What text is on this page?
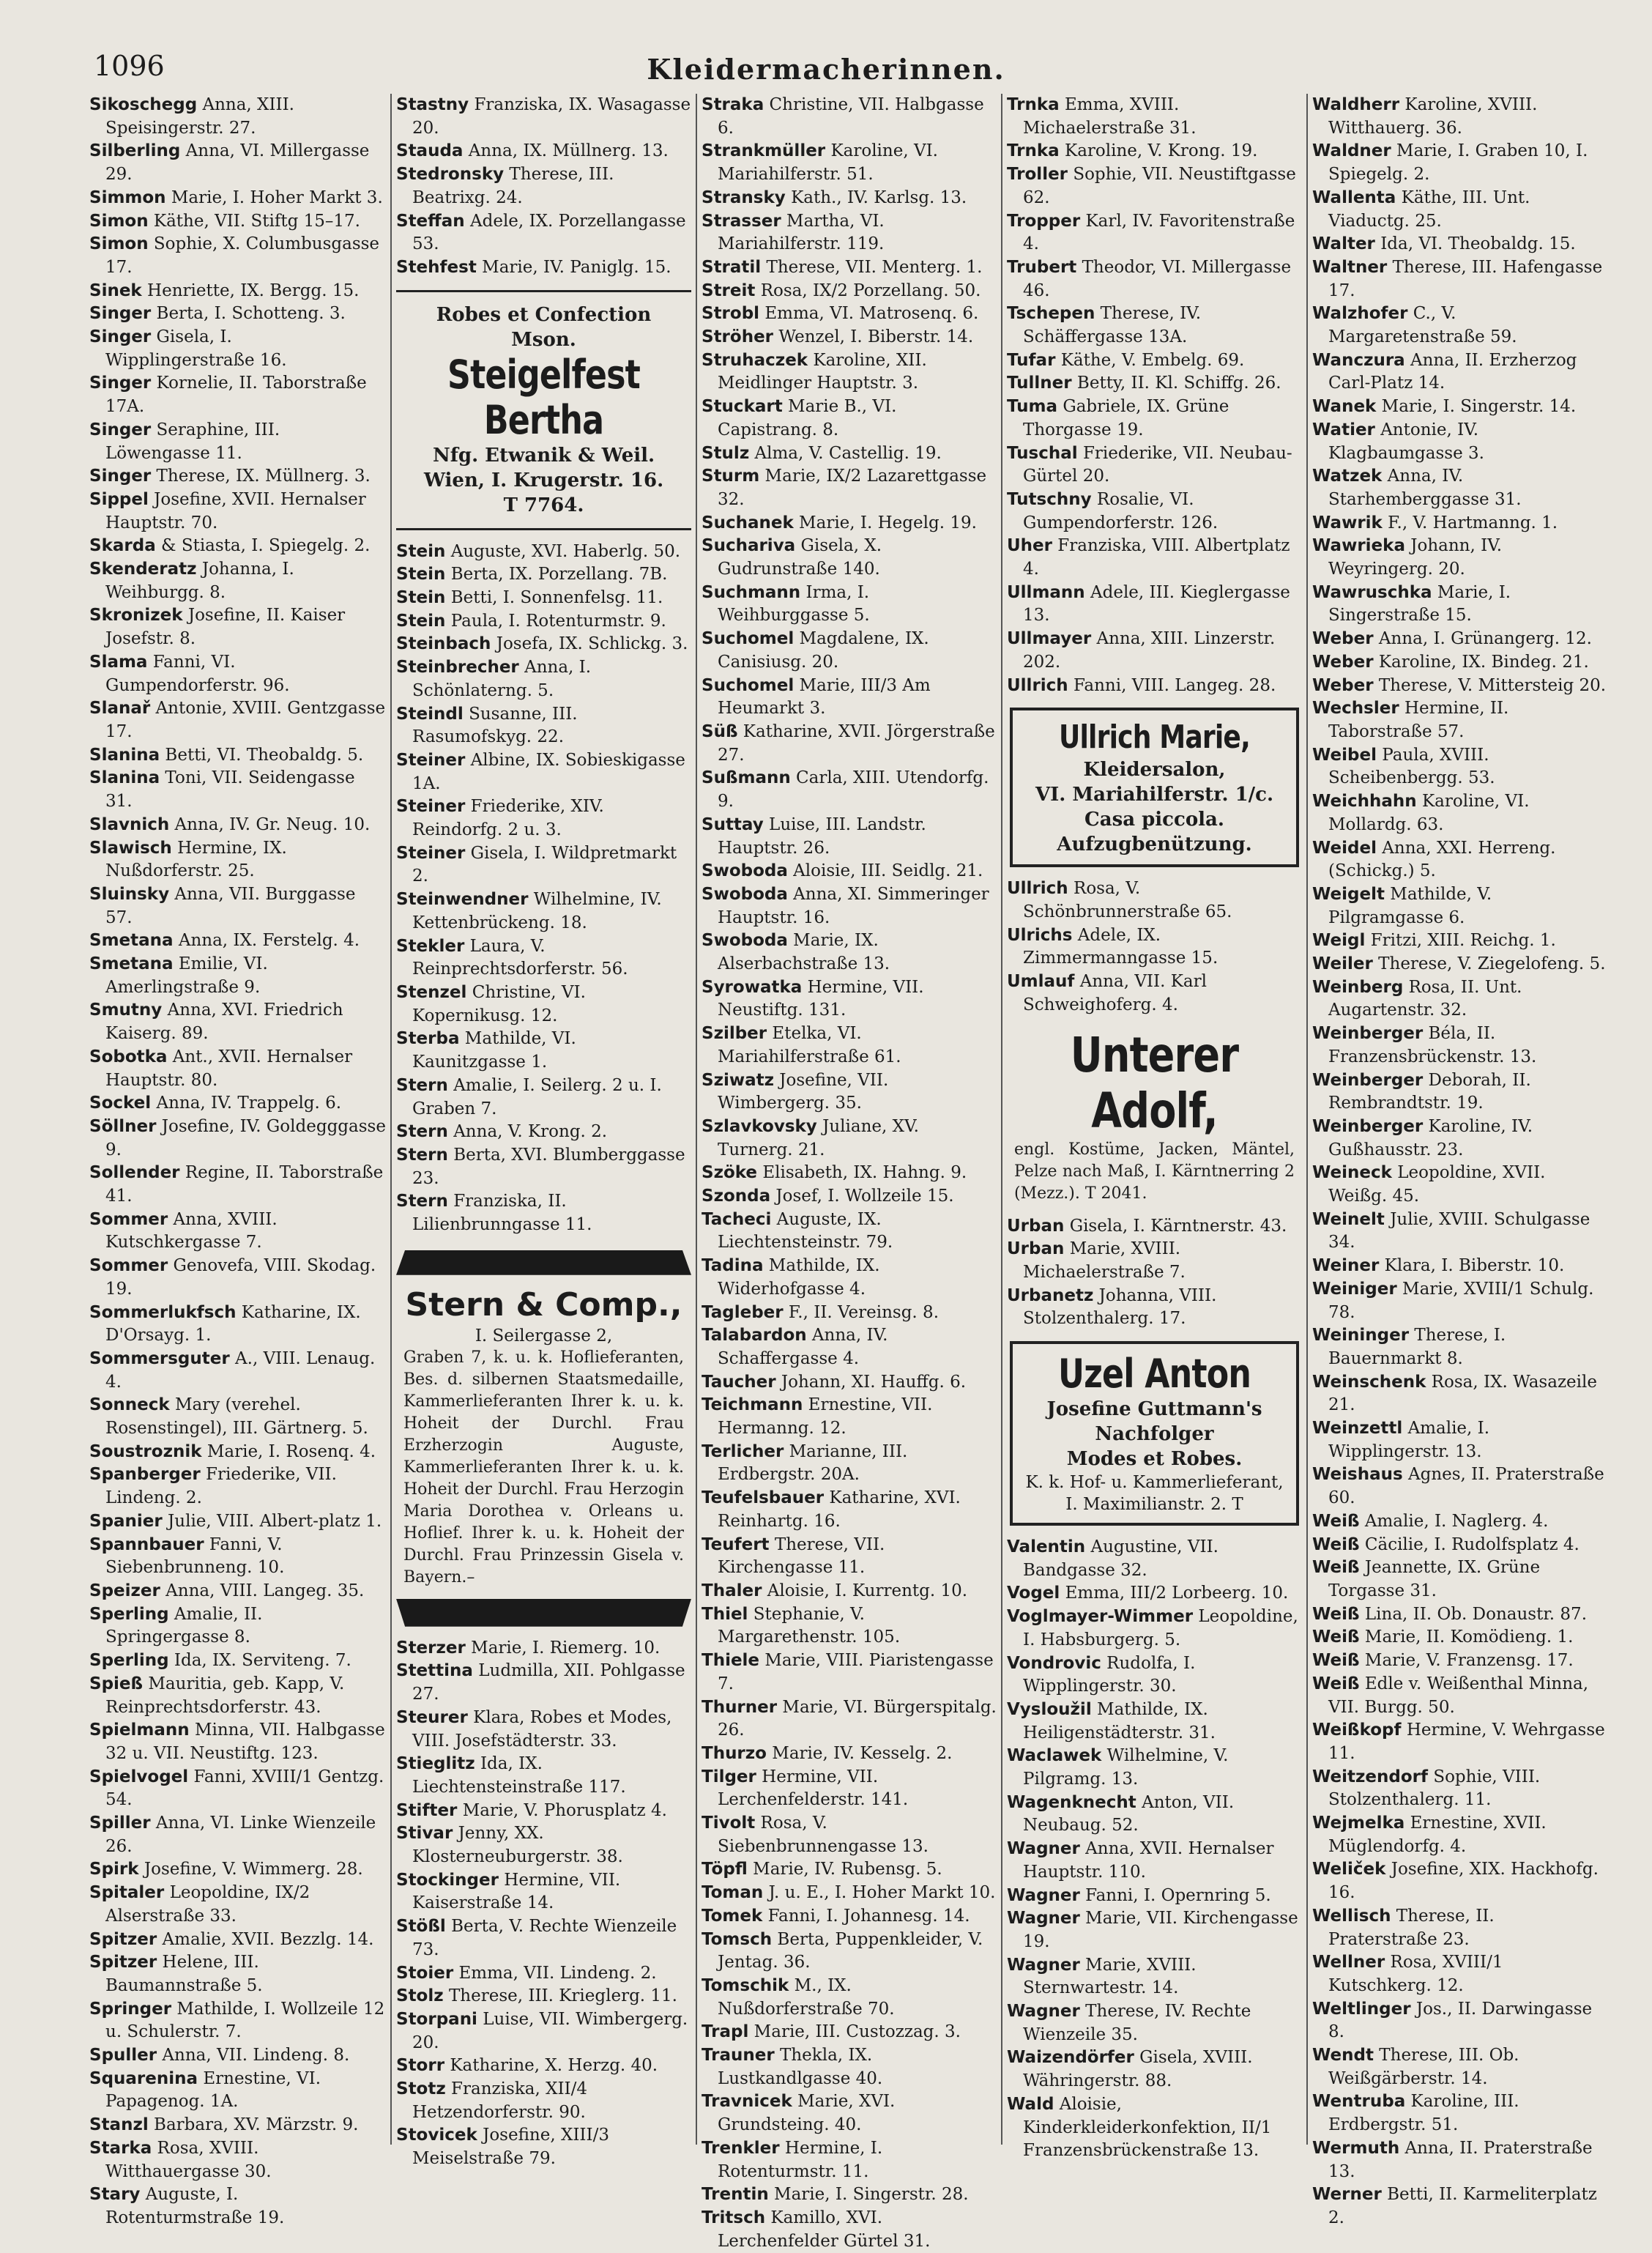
1096	Kleidermacherinnen.

Sikoschegg Anna, XIII. Speisingerstr. 27.

Silberling Anna, VI. Millergasse 29.

Simmon Marie, I. Hoher Markt 3.

Simon Käthe, VII. Stiftg 15–17.

Simon Sophie, X. Columbusgasse 17.

Sinek Henriette, IX. Bergg. 15.

Singer Berta, I. Schotteng. 3.

Singer Gisela, I. Wipplingerstraße 16.

Singer Kornelie, II. Taborstraße 17A.

Singer Seraphine, III. Löwengasse 11.

Singer Therese, IX. Müllnerg. 3.

Sippel Josefine, XVII. Hernalser Hauptstr. 70.

Skarda & Stiasta, I. Spiegelg. 2.

Skenderatz Johanna, I. Weihburgg. 8.

Skronizek Josefine, II. Kaiser Josefstr. 8.

Slama Fanni, VI. Gumpendorferstr. 96.

Slanař Antonie, XVIII. Gentzgasse 17.

Slanina Betti, VI. Theobaldg. 5.

Slanina Toni, VII. Seidengasse 31.

Slavnich Anna, IV. Gr. Neug. 10.

Slawisch Hermine, IX. Nußdorferstr. 25.

Sluinsky Anna, VII. Burggasse 57.

Smetana Anna, IX. Ferstelg. 4.

Smetana Emilie, VI. Amerlingstraße 9.

Smutny Anna, XVI. Friedrich Kaiserg. 89.

Sobotka Ant., XVII. Hernalser Hauptstr. 80.

Sockel Anna, IV. Trappelg. 6.

Söllner Josefine, IV. Goldegggasse 9.

Sollender Regine, II. Taborstraße 41.

Sommer Anna, XVIII. Kutschkergasse 7.

Sommer Genovefa, VIII. Skodag. 19.

Sommerlukfsch Katharine, IX. D'Orsayg. 1.

Sommersguter A., VIII. Lenaug. 4.

Sonneck Mary (verehel. Rosenstingel), III. Gärtnerg. 5.

Soustroznik Marie, I. Rosenq. 4.

Spanberger Friederike, VII. Lindeng. 2.

Spanier Julie, VIII. Albert-platz 1.

Spannbauer Fanni, V. Siebenbrunneng. 10.

Speizer Anna, VIII. Langeg. 35.

Sperling Amalie, II. Springergasse 8.

Sperling Ida, IX. Serviteng. 7.

Spieß Mauritia, geb. Kapp, V. Reinprechtsdorferstr. 43.

Spielmann Minna, VII. Halbgasse 32 u. VII. Neustiftg. 123.

Spielvogel Fanni, XVIII/1 Gentzg. 54.

Spiller Anna, VI. Linke Wienzeile 26.

Spirk Josefine, V. Wimmerg. 28.

Spitaler Leopoldine, IX/2 Alserstraße 33.

Spitzer Amalie, XVII. Bezzlg. 14.

Spitzer Helene, III. Baumannstraße 5.

Springer Mathilde, I. Wollzeile 12 u. Schulerstr. 7.

Spuller Anna, VII. Lindeng. 8.

Squarenina Ernestine, VI. Papagenog. 1A.

Stanzl Barbara, XV. Märzstr. 9.

Starka Rosa, XVIII. Witthauergasse 30.

Stary Auguste, I. Rotenturmstraße 19.

Stastny Franziska, IX. Wasagasse 20.

Stauda Anna, IX. Müllnerg. 13.

Stedronsky Therese, III. Beatrixg. 24.

Steffan Adele, IX. Porzellangasse 53.

Stehfest Marie, IV. Paniglg. 15.

Robes et Confection
Mson.
Steigelfest Bertha
Nfg. Etwanik & Weil.
Wien, I. Krugerstr. 16.
T 7764.

Stein Auguste, XVI. Haberlg. 50.

Stein Berta, IX. Porzellang. 7B.

Stein Betti, I. Sonnenfelsg. 11.

Stein Paula, I. Rotenturmstr. 9.

Steinbach Josefa, IX. Schlickg. 3.

Steinbrecher Anna, I. Schönlaterng. 5.

Steindl Susanne, III. Rasumofskyg. 22.

Steiner Albine, IX. Sobieskigasse 1A.

Steiner Friederike, XIV. Reindorfg. 2 u. 3.

Steiner Gisela, I. Wildpretmarkt 2.

Steinwendner Wilhelmine, IV. Kettenbrückeng. 18.

Stekler Laura, V. Reinprechtsdorferstr. 56.

Stenzel Christine, VI. Kopernikusg. 12.

Sterba Mathilde, VI. Kaunitzgasse 1.

Stern Amalie, I. Seilerg. 2 u. I. Graben 7.

Stern Anna, V. Krong. 2.

Stern Berta, XVI. Blumberggasse 23.

Stern Franziska, II. Lilienbrunngasse 11.

Stern & Comp.,
I. Seilergasse 2,
Graben 7, k. u. k. Hoflieferanten, Bes. d. silbernen Staatsmedaille, Kammerlieferanten Ihrer k. u. k. Hoheit der Durchl. Frau Erzherzogin Auguste, Kammerlieferanten Ihrer k. u. k. Hoheit der Durchl. Frau Herzogin Maria Dorothea v. Orleans u. Hoflief. Ihrer k. u. k. Hoheit der Durchl. Frau Prinzessin Gisela v. Bayern.–

Sterzer Marie, I. Riemerg. 10.

Stettina Ludmilla, XII. Pohlgasse 27.

Steurer Klara, Robes et Modes, VIII. Josefstädterstr. 33.

Stieglitz Ida, IX. Liechtensteinstraße 117.

Stifter Marie, V. Phorusplatz 4.

Stivar Jenny, XX. Klosterneuburgerstr. 38.

Stockinger Hermine, VII. Kaiserstraße 14.

Stößl Berta, V. Rechte Wienzeile 73.

Stoier Emma, VII. Lindeng. 2.

Stolz Therese, III. Krieglerg. 11.

Storpani Luise, VII. Wimbergerg. 20.

Storr Katharine, X. Herzg. 40.

Stotz Franziska, XII/4 Hetzendorferstr. 90.

Stovicek Josefine, XIII/3 Meiselstraße 79.

Straka Christine, VII. Halbgasse 6.

Strankmüller Karoline, VI. Mariahilferstr. 51.

Stransky Kath., IV. Karlsg. 13.

Strasser Martha, VI. Mariahilferstr. 119.

Stratil Therese, VII. Menterg. 1.

Streit Rosa, IX/2 Porzellang. 50.

Strobl Emma, VI. Matrosenq. 6.

Ströher Wenzel, I. Biberstr. 14.

Struhaczek Karoline, XII. Meidlinger Hauptstr. 3.

Stuckart Marie B., VI. Capistrang. 8.

Stulz Alma, V. Castellig. 19.

Sturm Marie, IX/2 Lazarettgasse 32.

Suchanek Marie, I. Hegelg. 19.

Suchariva Gisela, X. Gudrunstraße 140.

Suchmann Irma, I. Weihburggasse 5.

Suchomel Magdalene, IX. Canisiusg. 20.

Suchomel Marie, III/3 Am Heumarkt 3.

Süß Katharine, XVII. Jörgerstraße 27.

Sußmann Carla, XIII. Utendorfg. 9.

Suttay Luise, III. Landstr. Hauptstr. 26.

Swoboda Aloisie, III. Seidlg. 21.

Swoboda Anna, XI. Simmeringer Hauptstr. 16.

Swoboda Marie, IX. Alserbachstraße 13.

Syrowatka Hermine, VII. Neustiftg. 131.

Szilber Etelka, VI. Mariahilferstraße 61.

Sziwatz Josefine, VII. Wimbergerg. 35.

Szlavkovsky Juliane, XV. Turnerg. 21.

Szöke Elisabeth, IX. Hahng. 9.

Szonda Josef, I. Wollzeile 15.

Tacheci Auguste, IX. Liechtensteinstr. 79.

Tadina Mathilde, IX. Widerhofgasse 4.

Tagleber F., II. Vereinsg. 8.

Talabardon Anna, IV. Schaffergasse 4.

Taucher Johann, XI. Hauffg. 6.

Teichmann Ernestine, VII. Hermanng. 12.

Terlicher Marianne, III. Erdbergstr. 20A.

Teufelsbauer Katharine, XVI. Reinhartg. 16.

Teufert Therese, VII. Kirchengasse 11.

Thaler Aloisie, I. Kurrentg. 10.

Thiel Stephanie, V. Margarethenstr. 105.

Thiele Marie, VIII. Piaristengasse 7.

Thurner Marie, VI. Bürgerspitalg. 26.

Thurzo Marie, IV. Kesselg. 2.

Tilger Hermine, VII. Lerchenfelderstr. 141.

Tivolt Rosa, V. Siebenbrunnengasse 13.

Töpfl Marie, IV. Rubensg. 5.

Toman J. u. E., I. Hoher Markt 10.

Tomek Fanni, I. Johannesg. 14.

Tomsch Berta, Puppenkleider, V. Jentag. 36.

Tomschik M., IX. Nußdorferstraße 70.

Trapl Marie, III. Custozzag. 3.

Trauner Thekla, IX. Lustkandlgasse 40.

Travnicek Marie, XVI. Grundsteing. 40.

Trenkler Hermine, I. Rotenturmstr. 11.

Trentin Marie, I. Singerstr. 28.

Tritsch Kamillo, XVI. Lerchenfelder Gürtel 31.

Trnka Emma, XVIII. Michaelerstraße 31.

Trnka Karoline, V. Krong. 19.

Troller Sophie, VII. Neustiftgasse 62.

Tropper Karl, IV. Favoritenstraße 4.

Trubert Theodor, VI. Millergasse 46.

Tschepen Therese, IV. Schäffergasse 13A.

Tufar Käthe, V. Embelg. 69.

Tullner Betty, II. Kl. Schiffg. 26.

Tuma Gabriele, IX. Grüne Thorgasse 19.

Tuschal Friederike, VII. Neubau-Gürtel 20.

Tutschny Rosalie, VI. Gumpendorferstr. 126.

Uher Franziska, VIII. Albertplatz 4.

Ullmann Adele, III. Kieglergasse 13.

Ullmayer Anna, XIII. Linzerstr. 202.

Ullrich Fanni, VIII. Langeg. 28.

Ullrich Marie,
Kleidersalon,
VI. Mariahilferstr. 1/c.
Casa piccola.
Aufzugbenützung.

Ullrich Rosa, V. Schönbrunnerstraße 65.

Ulrichs Adele, IX. Zimmermanngasse 15.

Umlauf Anna, VII. Karl Schweighoferg. 4.

Unterer Adolf,
engl. Kostüme, Jacken, Mäntel, Pelze nach Maß, I. Kärntnerring 2 (Mezz.). T 2041.

Urban Gisela, I. Kärntnerstr. 43.

Urban Marie, XVIII. Michaelerstraße 7.

Urbanetz Johanna, VIII. Stolzenthalerg. 17.

Uzel Anton
Josefine Guttmann's Nachfolger
Modes et Robes.
K. k. Hof- u. Kammerlieferant,
I. Maximilianstr. 2. T

Valentin Augustine, VII. Bandgasse 32.

Vogel Emma, III/2 Lorbeerg. 10.

Voglmayer-Wimmer Leopoldine, I. Habsburgerg. 5.

Vondrovic Rudolfa, I. Wipplingerstr. 30.

Vysloužil Mathilde, IX. Heiligenstädterstr. 31.

Waclawek Wilhelmine, V. Pilgramg. 13.

Wagenknecht Anton, VII. Neubaug. 52.

Wagner Anna, XVII. Hernalser Hauptstr. 110.

Wagner Fanni, I. Opernring 5.

Wagner Marie, VII. Kirchengasse 19.

Wagner Marie, XVIII. Sternwartestr. 14.

Wagner Therese, IV. Rechte Wienzeile 35.

Waizendörfer Gisela, XVIII. Währingerstr. 88.

Wald Aloisie, Kinderkleiderkonfektion, II/1 Franzensbrückenstraße 13.

Waldherr Karoline, XVIII. Witthauerg. 36.

Waldner Marie, I. Graben 10, I. Spiegelg. 2.

Wallenta Käthe, III. Unt. Viaductg. 25.

Walter Ida, VI. Theobaldg. 15.

Waltner Therese, III. Hafengasse 17.

Walzhofer C., V. Margaretenstraße 59.

Wanczura Anna, II. Erzherzog Carl-Platz 14.

Wanek Marie, I. Singerstr. 14.

Watier Antonie, IV. Klagbaumgasse 3.

Watzek Anna, IV. Starhemberggasse 31.

Wawrik F., V. Hartmanng. 1.

Wawrieka Johann, IV. Weyringerg. 20.

Wawruschka Marie, I. Singerstraße 15.

Weber Anna, I. Grünangerg. 12.

Weber Karoline, IX. Bindeg. 21.

Weber Therese, V. Mittersteig 20.

Wechsler Hermine, II. Taborstraße 57.

Weibel Paula, XVIII. Scheibenbergg. 53.

Weichhahn Karoline, VI. Mollardg. 63.

Weidel Anna, XXI. Herreng. (Schickg.) 5.

Weigelt Mathilde, V. Pilgramgasse 6.

Weigl Fritzi, XIII. Reichg. 1.

Weiler Therese, V. Ziegelofeng. 5.

Weinberg Rosa, II. Unt. Augartenstr. 32.

Weinberger Béla, II. Franzensbrückenstr. 13.

Weinberger Deborah, II. Rembrandtstr. 19.

Weinberger Karoline, IV. Gußhausstr. 23.

Weineck Leopoldine, XVII. Weißg. 45.

Weinelt Julie, XVIII. Schulgasse 34.

Weiner Klara, I. Biberstr. 10.

Weiniger Marie, XVIII/1 Schulg. 78.

Weininger Therese, I. Bauernmarkt 8.

Weinschenk Rosa, IX. Wasazeile 21.

Weinzettl Amalie, I. Wipplingerstr. 13.

Weishaus Agnes, II. Praterstraße 60.

Weiß Amalie, I. Naglerg. 4.

Weiß Cäcilie, I. Rudolfsplatz 4.

Weiß Jeannette, IX. Grüne Torgasse 31.

Weiß Lina, II. Ob. Donaustr. 87.

Weiß Marie, II. Komödieng. 1.

Weiß Marie, V. Franzensg. 17.

Weiß Edle v. Weißenthal Minna, VII. Burgg. 50.

Weißkopf Hermine, V. Wehrgasse 11.

Weitzendorf Sophie, VIII. Stolzenthalerg. 11.

Wejmelka Ernestine, XVII. Müglendorfg. 4.

Weliček Josefine, XIX. Hackhofg. 16.

Wellisch Therese, II. Praterstraße 23.

Wellner Rosa, XVIII/1 Kutschkerg. 12.

Weltlinger Jos., II. Darwingasse 8.

Wendt Therese, III. Ob. Weißgärberstr. 14.

Wentruba Karoline, III. Erdbergstr. 51.

Wermuth Anna, II. Praterstraße 13.

Werner Betti, II. Karmeliterplatz 2.
